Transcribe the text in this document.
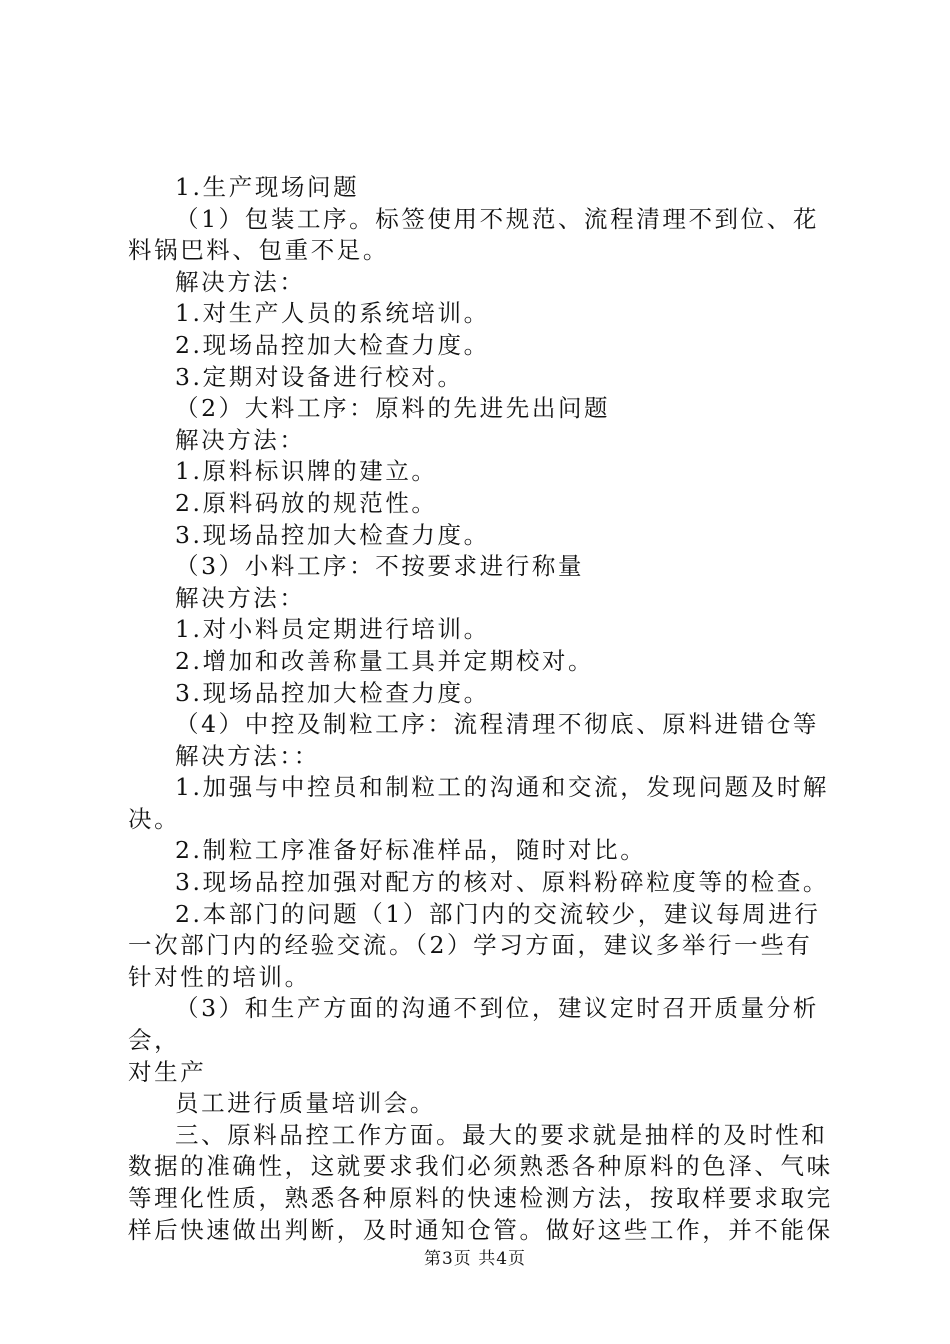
1.生产现场问题

（1）包装工序。标签使用不规范、流程清理不到位、花料锅巴料、包重不足。

解决方法：

1.对生产人员的系统培训。

2.现场品控加大检查力度。

3.定期对设备进行校对。

（2）大料工序：原料的先进先出问题

解决方法：

1.原料标识牌的建立。

2.原料码放的规范性。

3.现场品控加大检查力度。

（3）小料工序：不按要求进行称量

解决方法：

1.对小料员定期进行培训。

2.增加和改善称量工具并定期校对。

3.现场品控加大检查力度。

（4）中控及制粒工序：流程清理不彻底、原料进错仓等

解决方法：：

1.加强与中控员和制粒工的沟通和交流，发现问题及时解决。

2.制粒工序准备好标准样品，随时对比。

3.现场品控加强对配方的核对、原料粉碎粒度等的检查。

2.本部门的问题（1）部门内的交流较少，建议每周进行一次部门内的经验交流。（2）学习方面，建议多举行一些有针对性的培训。

（3）和生产方面的沟通不到位，建议定时召开质量分析会，

对生产

员工进行质量培训会。

三、原料品控工作方面。最大的要求就是抽样的及时性和数据的准确性，这就要求我们必须熟悉各种原料的色泽、气味等理化性质，熟悉各种原料的快速检测方法，按取样要求取完样后快速做出判断，及时通知仓管。做好这些工作，并不能保

第3页 共4页
